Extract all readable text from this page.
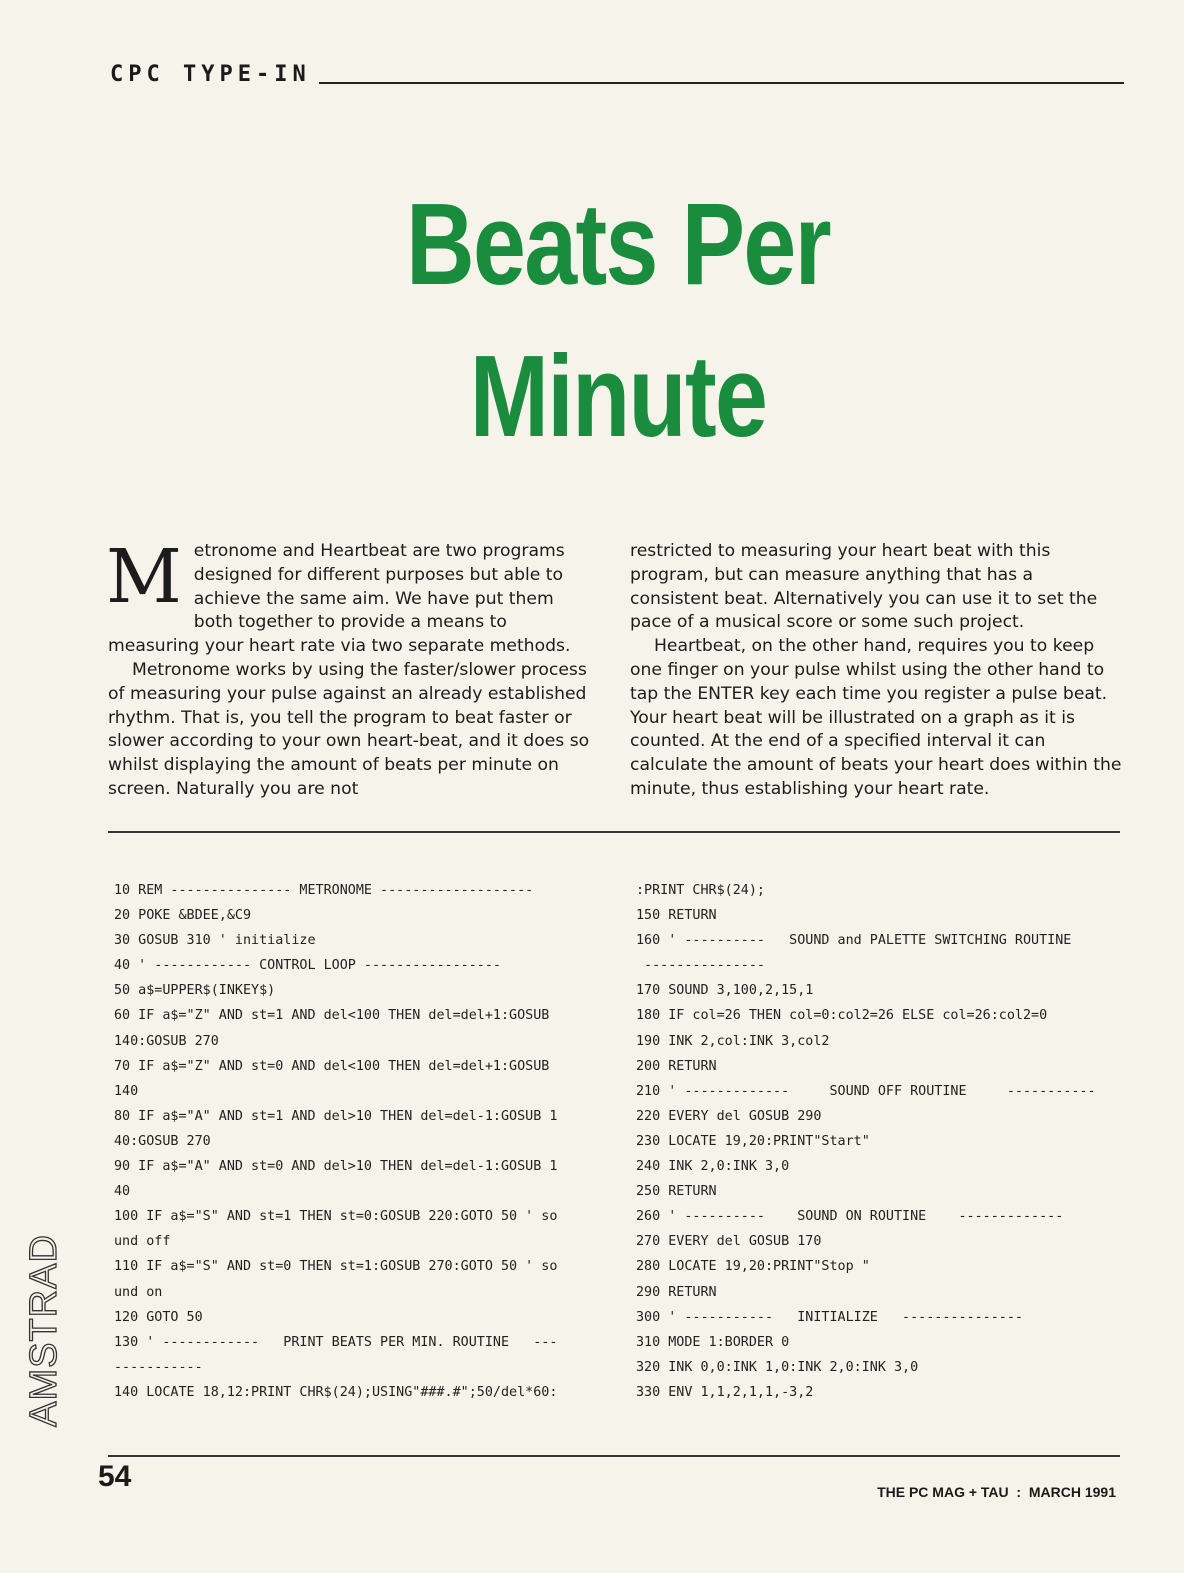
CPC TYPE-IN
Beats Per
Minute

Metronome and Heartbeat are two programs designed for different purposes but able to achieve the same aim. We have put them both together to provide a means to measuring your heart rate via two separate methods.

Metronome works by using the faster/slower process of measuring your pulse against an already established rhythm. That is, you tell the program to beat faster or slower according to your own heart-beat, and it does so whilst displaying the amount of beats per minute on screen. Naturally you are not

restricted to measuring your heart beat with this program, but can measure anything that has a consistent beat. Alternatively you can use it to set the pace of a musical score or some such project.

Heartbeat, on the other hand, requires you to keep one finger on your pulse whilst using the other hand to tap the ENTER key each time you register a pulse beat. Your heart beat will be illustrated on a graph as it is counted. At the end of a specified interval it can calculate the amount of beats your heart does within the minute, thus establishing your heart rate.

10 REM --------------- METRONOME -------------------
20 POKE &BDEE,&C9
30 GOSUB 310 ' initialize
40 ' ------------ CONTROL LOOP -----------------
50 a$=UPPER$(INKEY$)
60 IF a$="Z" AND st=1 AND del<100 THEN del=del+1:GOSUB
140:GOSUB 270
70 IF a$="Z" AND st=0 AND del<100 THEN del=del+1:GOSUB
140
80 IF a$="A" AND st=1 AND del>10 THEN del=del-1:GOSUB 1
40:GOSUB 270
90 IF a$="A" AND st=0 AND del>10 THEN del=del-1:GOSUB 1
40
100 IF a$="S" AND st=1 THEN st=0:GOSUB 220:GOTO 50 ' so
und off
110 IF a$="S" AND st=0 THEN st=1:GOSUB 270:GOTO 50 ' so
und on
120 GOTO 50
130 ' ------------   PRINT BEATS PER MIN. ROUTINE   ---
-----------
140 LOCATE 18,12:PRINT CHR$(24);USING"###.#";50/del*60:
:PRINT CHR$(24);
150 RETURN
160 ' ----------   SOUND and PALETTE SWITCHING ROUTINE
---------------
170 SOUND 3,100,2,15,1
180 IF col=26 THEN col=0:col2=26 ELSE col=26:col2=0
190 INK 2,col:INK 3,col2
200 RETURN
210 ' -------------     SOUND OFF ROUTINE     -----------
220 EVERY del GOSUB 290
230 LOCATE 19,20:PRINT"Start"
240 INK 2,0:INK 3,0
250 RETURN
260 ' ----------    SOUND ON ROUTINE    -------------
270 EVERY del GOSUB 170
280 LOCATE 19,20:PRINT"Stop "
290 RETURN
300 ' -----------   INITIALIZE   ---------------
310 MODE 1:BORDER 0
320 INK 0,0:INK 1,0:INK 2,0:INK 3,0
330 ENV 1,1,2,1,1,-3,2
AMSTRAD
54	THE PC MAG + TAU  :  MARCH 1991
